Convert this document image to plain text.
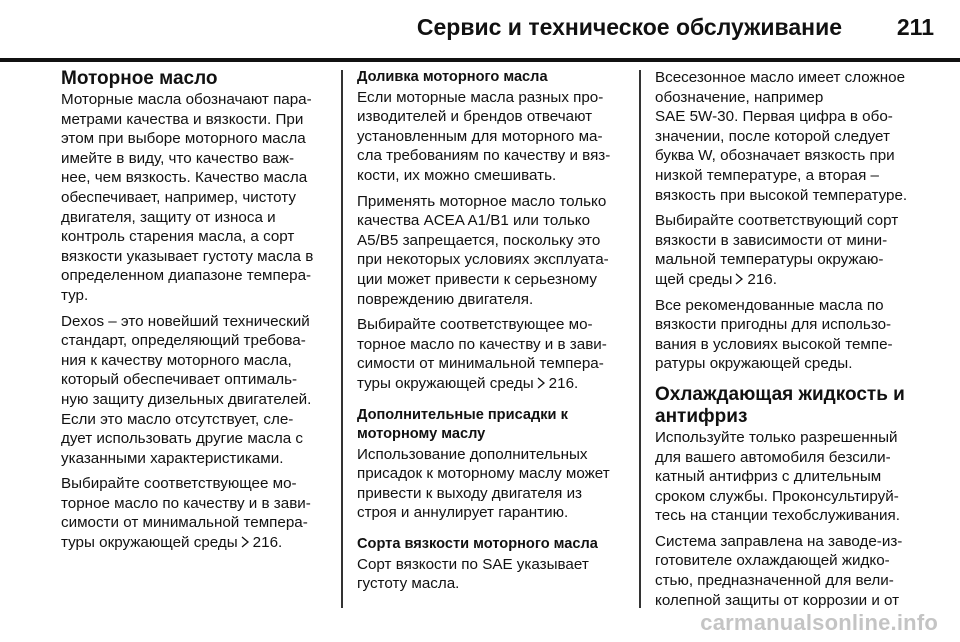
Сервис и техническое обслуживание 211
Моторное масло

Моторные масла обозначают пара-
метрами качества и вязкости. При
этом при выборе моторного масла
имейте в виду, что качество важ-
нее, чем вязкость. Качество масла
обеспечивает, например, чистоту
двигателя, защиту от износа и
контроль старения масла, а сорт
вязкости указывает густоту масла в
определенном диапазоне темпера-
тур.

Dexos – это новейший технический
стандарт, определяющий требова-
ния к качеству моторного масла,
который обеспечивает оптималь-
ную защиту дизельных двигателей.
Если это масло отсутствует, сле-
дует использовать другие масла с
указанными характеристиками.

Выбирайте соответствующее мо-
торное масло по качеству и в зави-
симости от минимальной темпера-
туры окружающей среды 216.

Доливка моторного масла

Если моторные масла разных про-
изводителей и брендов отвечают
установленным для моторного ма-
сла требованиям по качеству и вяз-
кости, их можно смешивать.

Применять моторное масло только
качества ACEA A1/B1 или только
A5/B5 запрещается, поскольку это
при некоторых условиях эксплуата-
ции может привести к серьезному
повреждению двигателя.

Выбирайте соответствующее мо-
торное масло по качеству и в зави-
симости от минимальной темпера-
туры окружающей среды 216.

Дополнительные присадки к
моторному маслу

Использование дополнительных
присадок к моторному маслу может
привести к выходу двигателя из
строя и аннулирует гарантию.

Сорта вязкости моторного масла

Сорт вязкости по SAE указывает
густоту масла.

Всесезонное масло имеет сложное
обозначение, например
SAE 5W-30. Первая цифра в обо-
значении, после которой следует
буква W, обозначает вязкость при
низкой температуре, а вторая –
вязкость при высокой температуре.

Выбирайте соответствующий сорт
вязкости в зависимости от мини-
мальной температуры окружаю-
щей среды 216.

Все рекомендованные масла по
вязкости пригодны для использо-
вания в условиях высокой темпе-
ратуры окружающей среды.

Охлаждающая жидкость и
антифриз

Используйте только разрешенный
для вашего автомобиля безсили-
катный антифриз с длительным
сроком службы. Проконсультируй-
тесь на станции техобслуживания.

Система заправлена на заводе-из-
готовителе охлаждающей жидко-
стью, предназначенной для вели-
колепной защиты от коррозии и от

carmanualsonline.info
